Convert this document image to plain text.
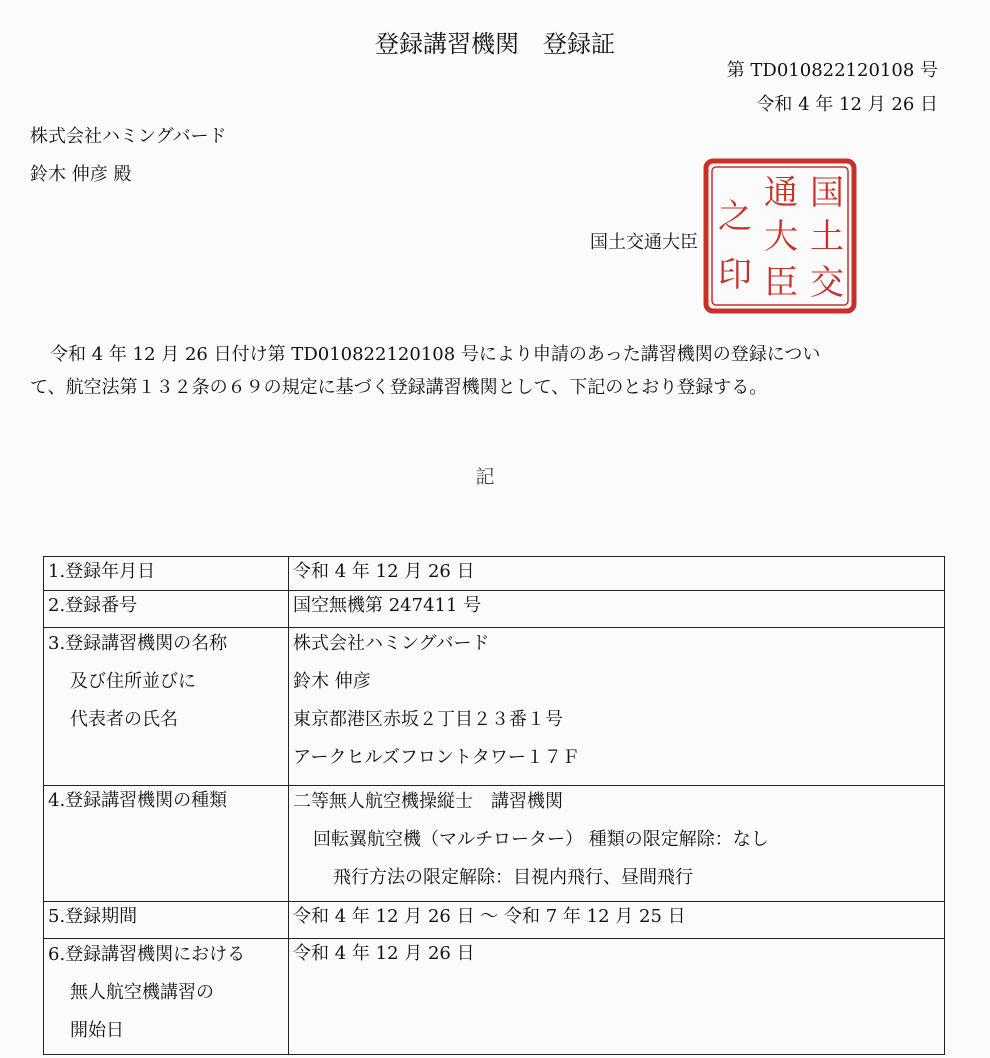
登録講習機関　登録証
第 TD010822120108 号
令和 4 年 12 月 26 日
株式会社ハミングバード
鈴木 伸彦 殿
国土交通大臣
国
土
交
通
大
臣
之
印
令和 4 年 12 月 26 日付け第 TD010822120108 号により申請のあった講習機関の登録につい
て、航空法第１３２条の６９の規定に基づく登録講習機関として、下記のとおり登録する。
記
1.登録年月日	令和 4 年 12 月 26 日
2.登録番号	国空無機第 247411 号

3.登録講習機関の名称
及び住所並びに
代表者の氏名	株式会社ハミングバード
鈴木 伸彦
東京都港区赤坂２丁目２３番１号
アークヒルズフロントタワー１７Ｆ

4.登録講習機関の種類	二等無人航空機操縦士　講習機関
回転翼航空機（マルチローター） 種類の限定解除：なし
飛行方法の限定解除：目視内飛行、昼間飛行

5.登録期間	令和 4 年 12 月 26 日 ～ 令和 7 年 12 月 25 日

6.登録講習機関における
無人航空機講習の
開始日	令和 4 年 12 月 26 日
